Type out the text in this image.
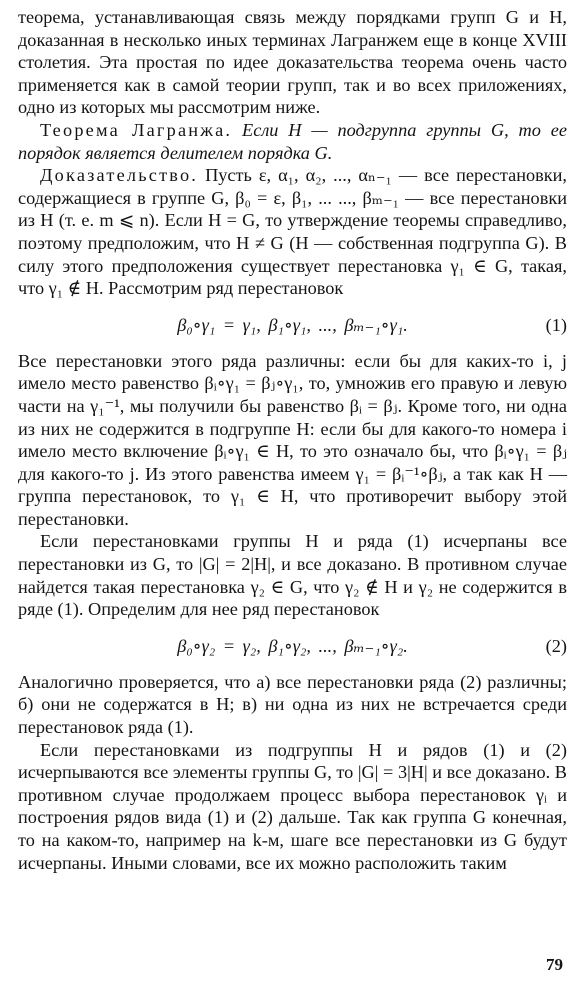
теорема, устанавливающая связь между порядками групп G и H, доказанная в несколько иных терминах Лагранжем еще в конце XVIII столетия. Эта простая по идее доказательства теорема очень часто применяется как в самой теории групп, так и во всех приложениях, одно из которых мы рассмотрим ниже.

Теорема Лагранжа. Если H — подгруппа группы G, то ее порядок является делителем порядка G.

Доказательство. Пусть ε, α₁, α₂, ..., αₙ₋₁ — все перестановки, содержащиеся в группе G, β₀ = ε, β₁, ... ..., βₘ₋₁ — все перестановки из H (т. е. m ⩽ n). Если H = G, то утверждение теоремы справедливо, поэтому предположим, что H ≠ G (H — собственная подгруппа G). В силу этого предположения существует перестановка γ₁ ∈ G, такая, что γ₁ ∉ H. Рассмотрим ряд перестановок

β₀∘γ₁ = γ₁, β₁∘γ₁, ..., βₘ₋₁∘γ₁.	(1)

Все перестановки этого ряда различны: если бы для каких-то i, j имело место равенство βᵢ∘γ₁ = βⱼ∘γ₁, то, умножив его правую и левую части на γ₁⁻¹, мы получили бы равенство βᵢ = βⱼ. Кроме того, ни одна из них не содержится в подгруппе H: если бы для какого-то номера i имело место включение βᵢ∘γ₁ ∈ H, то это означало бы, что βᵢ∘γ₁ = βⱼ для какого-то j. Из этого равенства имеем γ₁ = βᵢ⁻¹∘βⱼ, а так как H — группа перестановок, то γ₁ ∈ H, что противоречит выбору этой перестановки.

Если перестановками группы H и ряда (1) исчерпаны все перестановки из G, то |G| = 2|H|, и все доказано. В противном случае найдется такая перестановка γ₂ ∈ G, что γ₂ ∉ H и γ₂ не содержится в ряде (1). Определим для нее ряд перестановок

β₀∘γ₂ = γ₂, β₁∘γ₂, ..., βₘ₋₁∘γ₂.	(2)

Аналогично проверяется, что а) все перестановки ряда (2) различны; б) они не содержатся в H; в) ни одна из них не встречается среди перестановок ряда (1).

Если перестановками из подгруппы H и рядов (1) и (2) исчерпываются все элементы группы G, то |G| = 3|H| и все доказано. В противном случае продолжаем процесс выбора перестановок γᵢ и построения рядов вида (1) и (2) дальше. Так как группа G конечная, то на каком-то, например на k-м, шаге все перестановки из G будут исчерпаны. Иными словами, все их можно расположить таким

79
